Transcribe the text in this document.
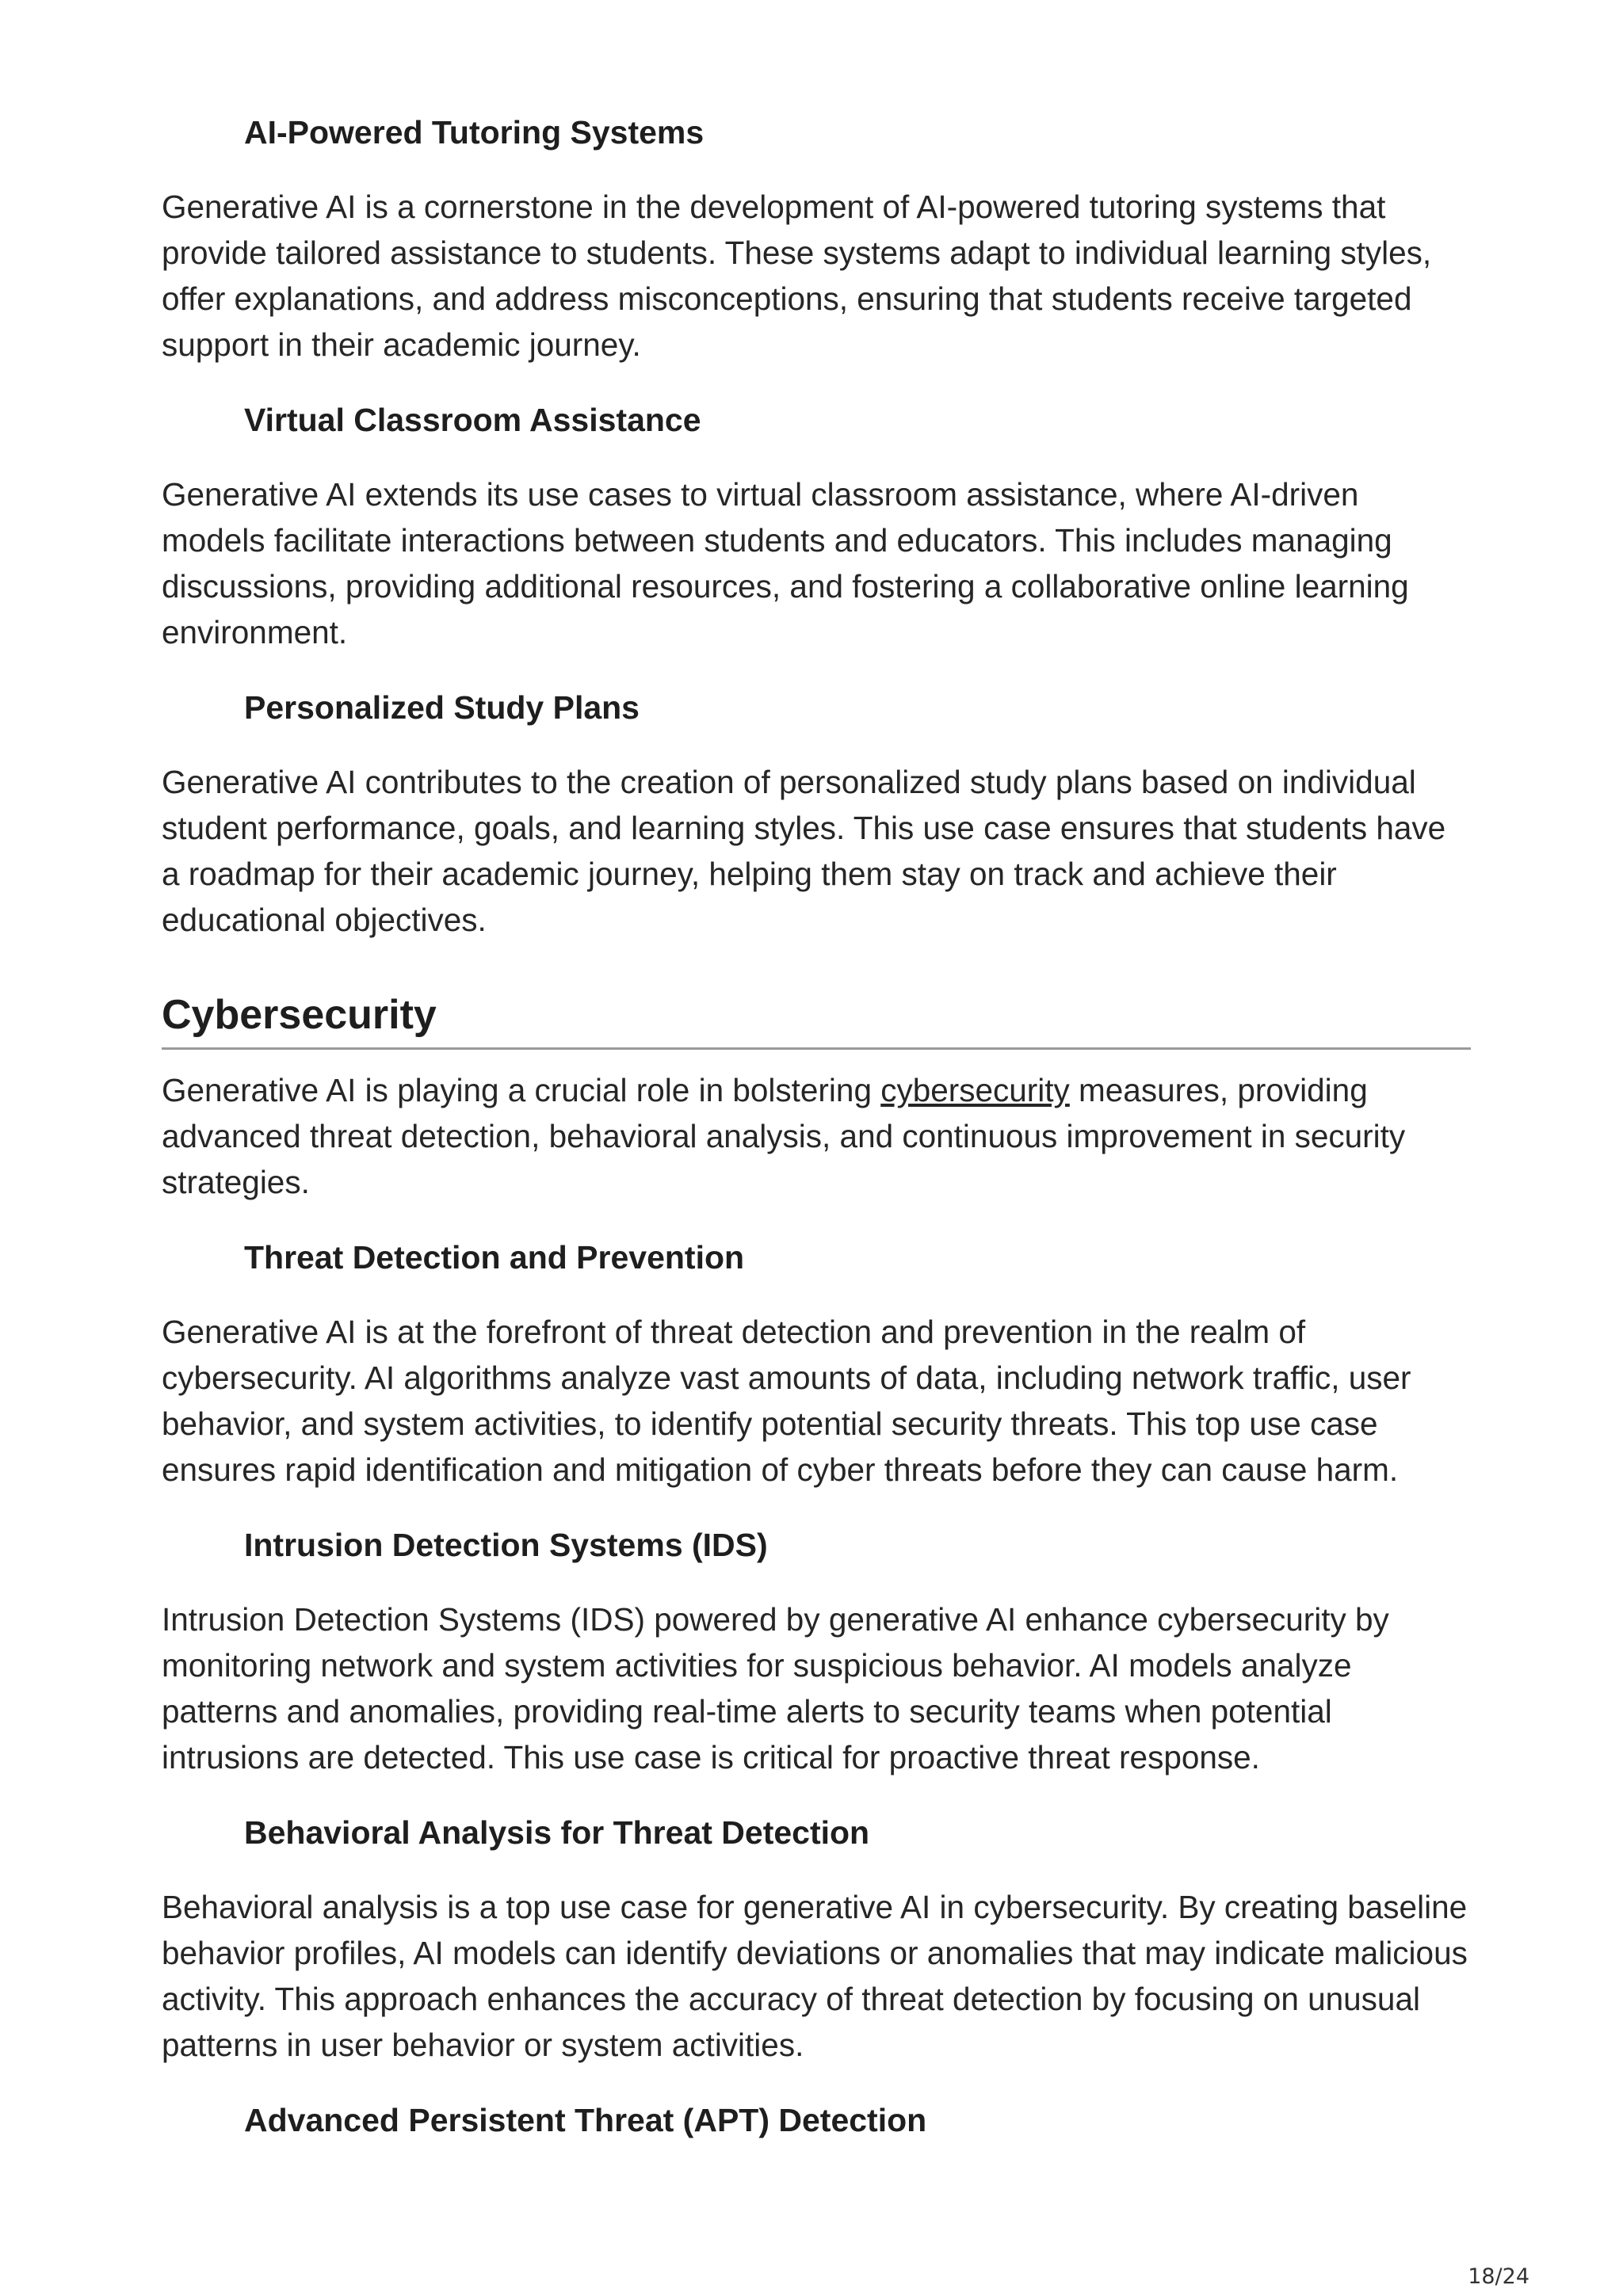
AI-Powered Tutoring Systems

Generative AI is a cornerstone in the development of AI-powered tutoring systems that provide tailored assistance to students. These systems adapt to individual learning styles, offer explanations, and address misconceptions, ensuring that students receive targeted support in their academic journey.

Virtual Classroom Assistance

Generative AI extends its use cases to virtual classroom assistance, where AI-driven models facilitate interactions between students and educators. This includes managing discussions, providing additional resources, and fostering a collaborative online learning environment.

Personalized Study Plans

Generative AI contributes to the creation of personalized study plans based on individual student performance, goals, and learning styles. This use case ensures that students have a roadmap for their academic journey, helping them stay on track and achieve their educational objectives.

Cybersecurity

Generative AI is playing a crucial role in bolstering cybersecurity measures, providing advanced threat detection, behavioral analysis, and continuous improvement in security strategies.

Threat Detection and Prevention

Generative AI is at the forefront of threat detection and prevention in the realm of cybersecurity. AI algorithms analyze vast amounts of data, including network traffic, user behavior, and system activities, to identify potential security threats. This top use case ensures rapid identification and mitigation of cyber threats before they can cause harm.

Intrusion Detection Systems (IDS)

Intrusion Detection Systems (IDS) powered by generative AI enhance cybersecurity by monitoring network and system activities for suspicious behavior. AI models analyze patterns and anomalies, providing real-time alerts to security teams when potential intrusions are detected. This use case is critical for proactive threat response.

Behavioral Analysis for Threat Detection

Behavioral analysis is a top use case for generative AI in cybersecurity. By creating baseline behavior profiles, AI models can identify deviations or anomalies that may indicate malicious activity. This approach enhances the accuracy of threat detection by focusing on unusual patterns in user behavior or system activities.

Advanced Persistent Threat (APT) Detection
18/24
